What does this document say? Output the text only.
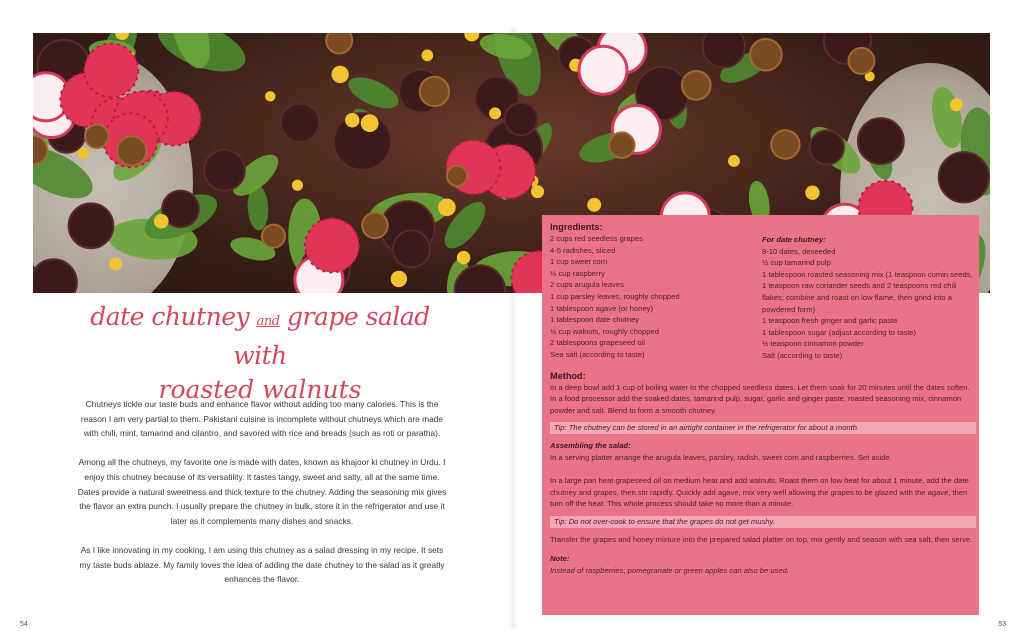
date chutney and grape salad with
roasted walnuts

Chutneys tickle our taste buds and enhance flavor without adding too many calories. This is the reason I am very partial to them. Pakistani cuisine is incomplete without chutneys which are made with chili, mint, tamarind and cilantro, and savored with rice and breads (such as roti or paratha).

Among all the chutneys, my favorite one is made with dates, known as khajoor ki chutney in Urdu. I enjoy this chutney because of its versatility. It tastes tangy, sweet and salty, all at the same time. Dates provide a natural sweetness and thick texture to the chutney. Adding the seasoning mix gives the flavor an extra punch. I usually prepare the chutney in bulk, store it in the refrigerator and use it later as it complements many dishes and snacks.

As I like innovating in my cooking, I am using this chutney as a salad dressing in my recipe. It sets my taste buds ablaze. My family loves the idea of adding the date chutney to the salad as it greatly enhances the flavor.

Ingredients:
2 cups red seedless grapes
4-5 radishes, sliced
1 cup sweet corn
½ cup raspberry
2 cups arugula leaves
1 cup parsley leaves, roughly chopped
1 tablespoon agave (or honey)
1 tablespoon date chutney
½ cup walnuts, roughly chopped
2 tablespoons grapeseed oil
Sea salt (according to taste)
For date chutney:
8-10 dates, deseeded
½ cup tamarind pulp
1 tablespoon roasted seasoning mix (1 teaspoon cumin seeds, 1 teaspoon raw coriander seeds and 2 teaspoons red chili flakes; combine and roast on low flame, then grind into a powdered form)
1 teaspoon fresh ginger and garlic paste
1 tablespoon sugar (adjust according to taste)
½ teaspoon cinnamon powder
Salt (according to taste)
Method:

In a deep bowl add 1 cup of boiling water to the chopped seedless dates. Let them soak for 20 minutes until the dates soften. In a food processor add the soaked dates, tamarind pulp, sugar, garlic and ginger paste, roasted seasoning mix, cinnamon powder and salt. Blend to form a smooth chutney.

Tip: The chutney can be stored in an airtight container in the refrigerator for about a month.

Assembling the salad:

In a serving platter arrange the arugula leaves, parsley, radish, sweet corn and raspberries. Set aside.

In a large pan heat grapeseed oil on medium heat and add walnuts. Roast them on low heat for about 1 minute, add the date chutney and grapes, then stir rapidly. Quickly add agave, mix very well allowing the grapes to be glazed with the agave, then turn off the heat. This whole process should take no more than a minute.

Tip: Do not over-cook to ensure that the grapes do not get mushy.

Transfer the grapes and honey mixture into the prepared salad platter on top, mix gently and season with sea salt, then serve.

Note:

Instead of raspberries, pomegranate or green apples can also be used.

54	53
